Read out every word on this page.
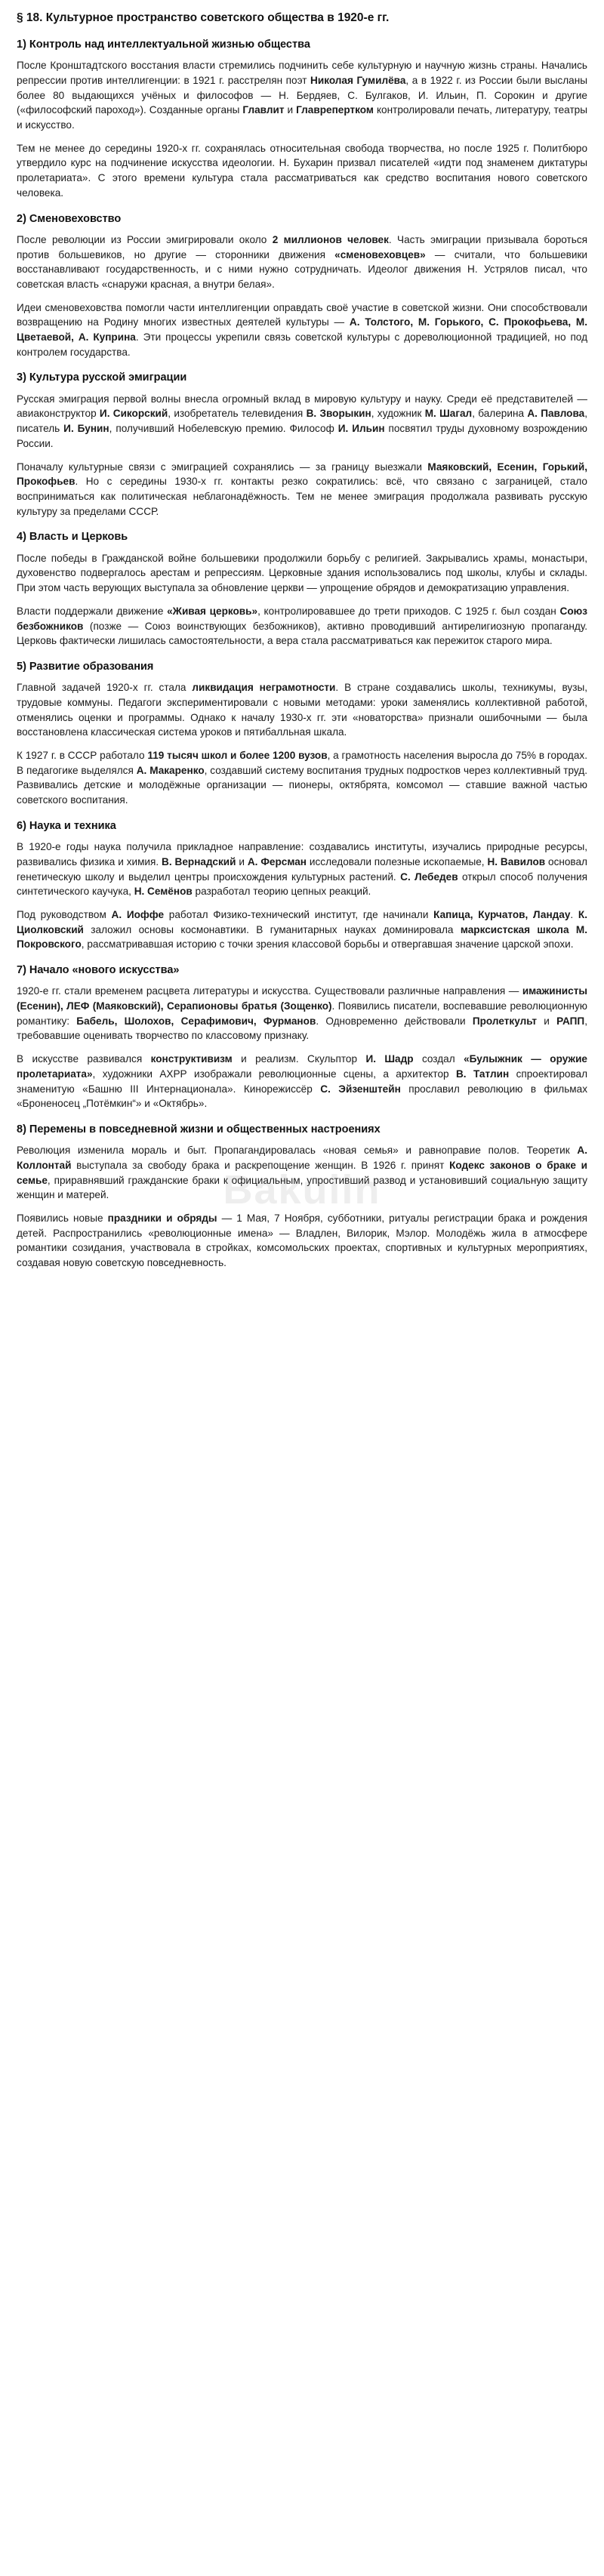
Bakulin
§ 18. Культурное пространство советского общества в 1920-е гг.
1) Контроль над интеллектуальной жизнью общества

После Кронштадтского восстания власти стремились подчинить себе культурную и научную жизнь страны. Начались репрессии против интеллигенции: в 1921 г. расстрелян поэт Николая Гумилёва, а в 1922 г. из России были высланы более 80 выдающихся учёных и философов — Н. Бердяев, С. Булгаков, И. Ильин, П. Сорокин и другие («философский пароход»). Созданные органы Главлит и Главрепертком контролировали печать, литературу, театры и искусство.

Тем не менее до середины 1920-х гг. сохранялась относительная свобода творчества, но после 1925 г. Политбюро утвердило курс на подчинение искусства идеологии. Н. Бухарин призвал писателей «идти под знаменем диктатуры пролетариата». С этого времени культура стала рассматриваться как средство воспитания нового советского человека.

2) Сменовеховство

После революции из России эмигрировали около 2 миллионов человек. Часть эмиграции призывала бороться против большевиков, но другие — сторонники движения «сменовеховцев» — считали, что большевики восстанавливают государственность, и с ними нужно сотрудничать. Идеолог движения Н. Устрялов писал, что советская власть «снаружи красная, а внутри белая».

Идеи сменовеховства помогли части интеллигенции оправдать своё участие в советской жизни. Они способствовали возвращению на Родину многих известных деятелей культуры — А. Толстого, М. Горького, С. Прокофьева, М. Цветаевой, А. Куприна. Эти процессы укрепили связь советской культуры с дореволюционной традицией, но под контролем государства.

3) Культура русской эмиграции

Русская эмиграция первой волны внесла огромный вклад в мировую культуру и науку. Среди её представителей — авиаконструктор И. Сикорский, изобретатель телевидения В. Зворыкин, художник М. Шагал, балерина А. Павлова, писатель И. Бунин, получивший Нобелевскую премию. Философ И. Ильин посвятил труды духовному возрождению России.

Поначалу культурные связи с эмиграцией сохранялись — за границу выезжали Маяковский, Есенин, Горький, Прокофьев. Но с середины 1930-х гг. контакты резко сократились: всё, что связано с заграницей, стало восприниматься как политическая неблагонадёжность. Тем не менее эмиграция продолжала развивать русскую культуру за пределами СССР.

4) Власть и Церковь

После победы в Гражданской войне большевики продолжили борьбу с религией. Закрывались храмы, монастыри, духовенство подвергалось арестам и репрессиям. Церковные здания использовались под школы, клубы и склады. При этом часть верующих выступала за обновление церкви — упрощение обрядов и демократизацию управления.

Власти поддержали движение «Живая церковь», контролировавшее до трети приходов. С 1925 г. был создан Союз безбожников (позже — Союз воинствующих безбожников), активно проводивший антирелигиозную пропаганду. Церковь фактически лишилась самостоятельности, а вера стала рассматриваться как пережиток старого мира.

5) Развитие образования

Главной задачей 1920-х гг. стала ликвидация неграмотности. В стране создавались школы, техникумы, вузы, трудовые коммуны. Педагоги экспериментировали с новыми методами: уроки заменялись коллективной работой, отменялись оценки и программы. Однако к началу 1930-х гг. эти «новаторства» признали ошибочными — была восстановлена классическая система уроков и пятибалльная шкала.

К 1927 г. в СССР работало 119 тысяч школ и более 1200 вузов, а грамотность населения выросла до 75% в городах. В педагогике выделялся А. Макаренко, создавший систему воспитания трудных подростков через коллективный труд. Развивались детские и молодёжные организации — пионеры, октябрята, комсомол — ставшие важной частью советского воспитания.

6) Наука и техника

В 1920-е годы наука получила прикладное направление: создавались институты, изучались природные ресурсы, развивались физика и химия. В. Вернадский и А. Ферсман исследовали полезные ископаемые, Н. Вавилов основал генетическую школу и выделил центры происхождения культурных растений. С. Лебедев открыл способ получения синтетического каучука, Н. Семёнов разработал теорию цепных реакций.

Под руководством А. Иоффе работал Физико-технический институт, где начинали Капица, Курчатов, Ландау. К. Циолковский заложил основы космонавтики. В гуманитарных науках доминировала марксистская школа М. Покровского, рассматривавшая историю с точки зрения классовой борьбы и отвергавшая значение царской эпохи.

7) Начало «нового искусства»

1920-е гг. стали временем расцвета литературы и искусства. Существовали различные направления — имажинисты (Есенин), ЛЕФ (Маяковский), Серапионовы братья (Зощенко). Появились писатели, воспевавшие революционную романтику: Бабель, Шолохов, Серафимович, Фурманов. Одновременно действовали Пролеткульт и РАПП, требовавшие оценивать творчество по классовому признаку.

В искусстве развивался конструктивизм и реализм. Скульптор И. Шадр создал «Булыжник — оружие пролетариата», художники АХРР изображали революционные сцены, а архитектор В. Татлин спроектировал знаменитую «Башню III Интернационала». Кинорежиссёр С. Эйзенштейн прославил революцию в фильмах «Броненосец „Потёмкин“» и «Октябрь».

8) Перемены в повседневной жизни и общественных настроениях

Революция изменила мораль и быт. Пропагандировалась «новая семья» и равноправие полов. Теоретик А. Коллонтай выступала за свободу брака и раскрепощение женщин. В 1926 г. принят Кодекс законов о браке и семье, приравнявший гражданские браки к официальным, упростивший развод и установивший социальную защиту женщин и матерей.

Появились новые праздники и обряды — 1 Мая, 7 Ноября, субботники, ритуалы регистрации брака и рождения детей. Распространились «революционные имена» — Владлен, Вилорик, Мэлор. Молодёжь жила в атмосфере романтики созидания, участвовала в стройках, комсомольских проектах, спортивных и культурных мероприятиях, создавая новую советскую повседневность.
